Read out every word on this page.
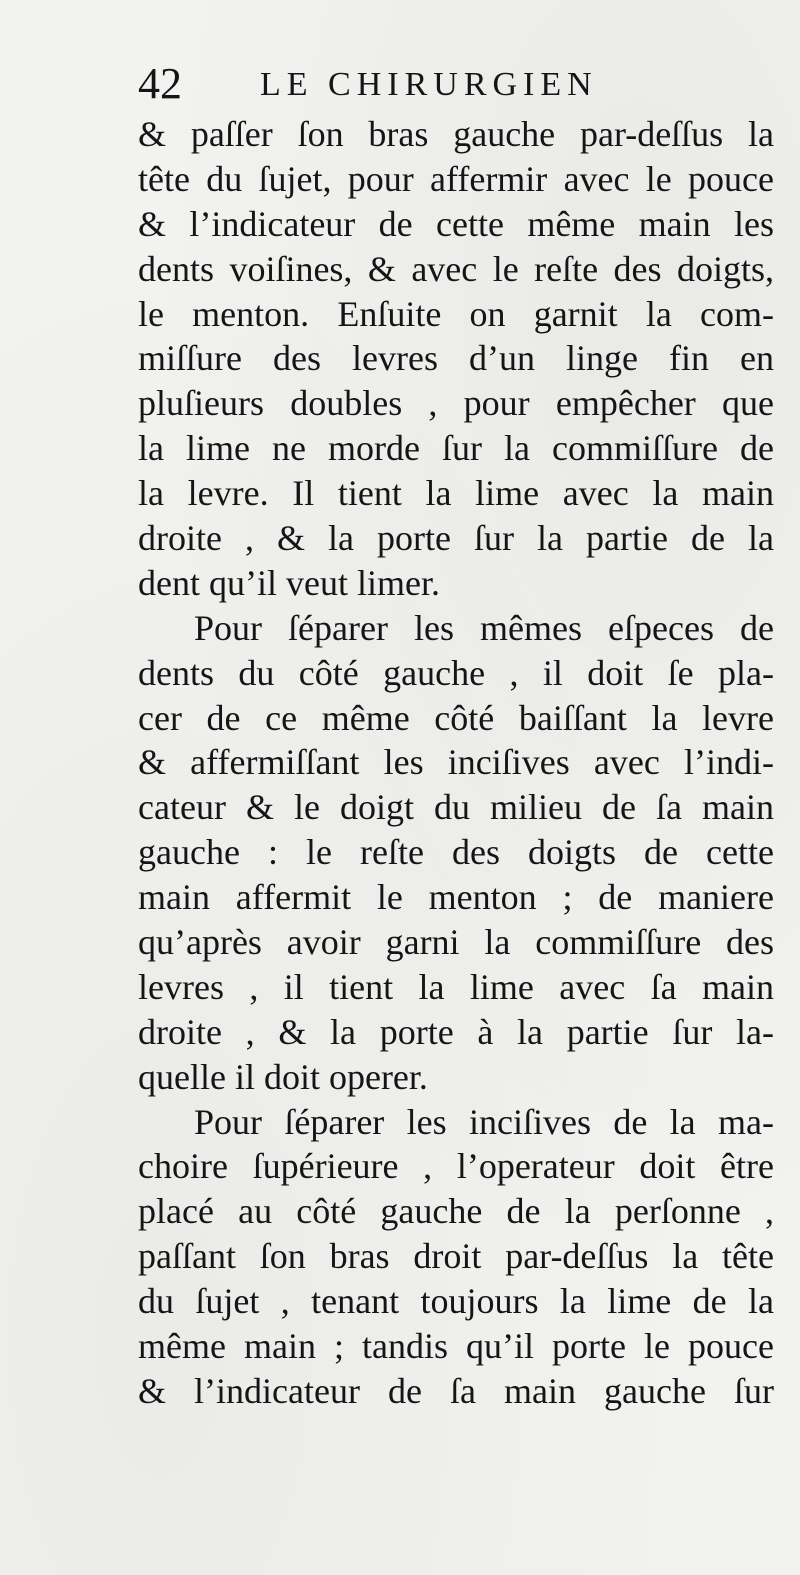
42 LE CHIRURGIEN
& paſſer ſon bras gauche par-deſſus la
tête du ſujet, pour affermir avec le pouce
& l’indicateur de cette même main les
dents voiſines, & avec le reſte des doigts,
le menton. Enſuite on garnit la com-
miſſure des levres d’un linge fin en
pluſieurs doubles , pour empêcher que
la lime ne morde ſur la commiſſure de
la levre. Il tient la lime avec la main
droite , & la porte ſur la partie de la
dent qu’il veut limer.
Pour ſéparer les mêmes eſpeces de
dents du côté gauche , il doit ſe pla-
cer de ce même côté baiſſant la levre
& affermiſſant les inciſives avec l’indi-
cateur & le doigt du milieu de ſa main
gauche : le reſte des doigts de cette
main affermit le menton ; de maniere
qu’après avoir garni la commiſſure des
levres , il tient la lime avec ſa main
droite , & la porte à la partie ſur la-
quelle il doit operer.
Pour ſéparer les inciſives de la ma-
choire ſupérieure , l’operateur doit être
placé au côté gauche de la perſonne ,
paſſant ſon bras droit par-deſſus la tête
du ſujet , tenant toujours la lime de la
même main ; tandis qu’il porte le pouce
& l’indicateur de ſa main gauche ſur
